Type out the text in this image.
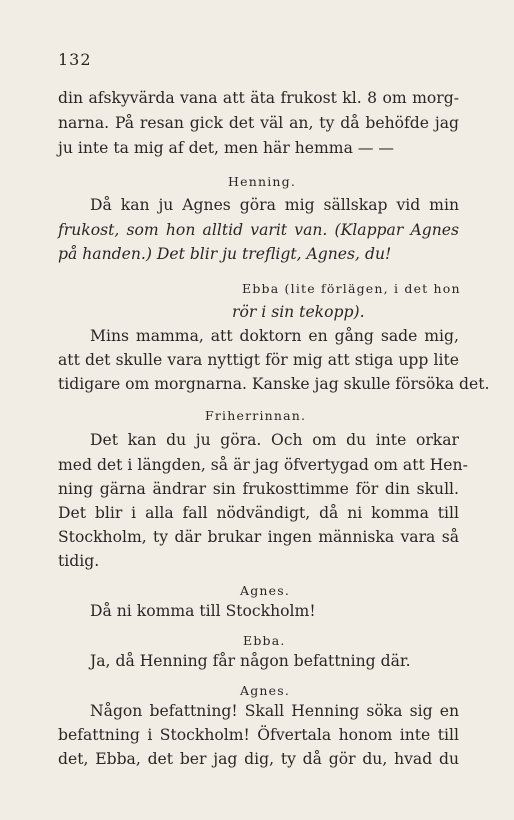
132
din afskyvärda vana att äta frukost kl. 8 om morg-
narna. På resan gick det väl an, ty då behöfde jag
ju inte ta mig af det, men här hemma — —
Henning.
Då kan ju Agnes göra mig sällskap vid min
frukost, som hon alltid varit van. (Klappar Agnes
på handen.) Det blir ju trefligt, Agnes, du!
Ebba (lite förlägen, i det hon
rör i sin tekopp).
Mins mamma, att doktorn en gång sade mig,
att det skulle vara nyttigt för mig att stiga upp lite
tidigare om morgnarna. Kanske jag skulle försöka det.
Friherrinnan.
Det kan du ju göra. Och om du inte orkar
med det i längden, så är jag öfvertygad om att Hen-
ning gärna ändrar sin frukosttimme för din skull.
Det blir i alla fall nödvändigt, då ni komma till
Stockholm, ty där brukar ingen människa vara så
tidig.
Agnes.
Då ni komma till Stockholm!
Ebba.
Ja, då Henning får någon befattning där.
Agnes.
Någon befattning! Skall Henning söka sig en
befattning i Stockholm! Öfvertala honom inte till
det, Ebba, det ber jag dig, ty då gör du, hvad du
